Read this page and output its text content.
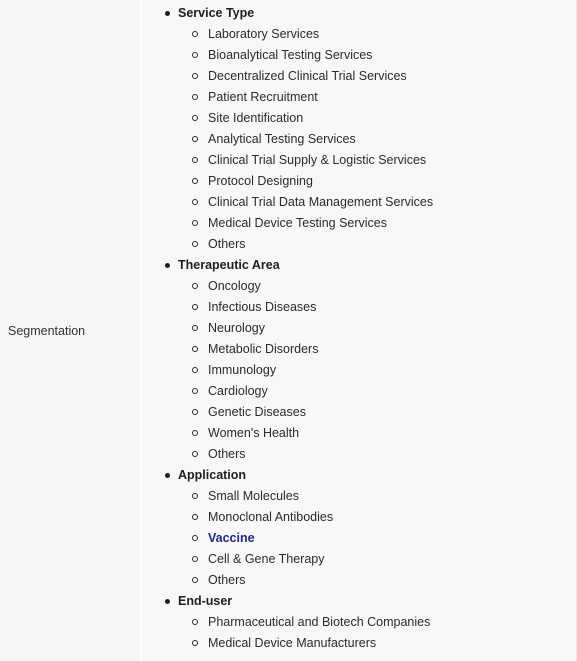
Segmentation
Service Type
Laboratory Services
Bioanalytical Testing Services
Decentralized Clinical Trial Services
Patient Recruitment
Site Identification
Analytical Testing Services
Clinical Trial Supply & Logistic Services
Protocol Designing
Clinical Trial Data Management Services
Medical Device Testing Services
Others
Therapeutic Area
Oncology
Infectious Diseases
Neurology
Metabolic Disorders
Immunology
Cardiology
Genetic Diseases
Women's Health
Others
Application
Small Molecules
Monoclonal Antibodies
Vaccine
Cell & Gene Therapy
Others
End-user
Pharmaceutical and Biotech Companies
Medical Device Manufacturers
